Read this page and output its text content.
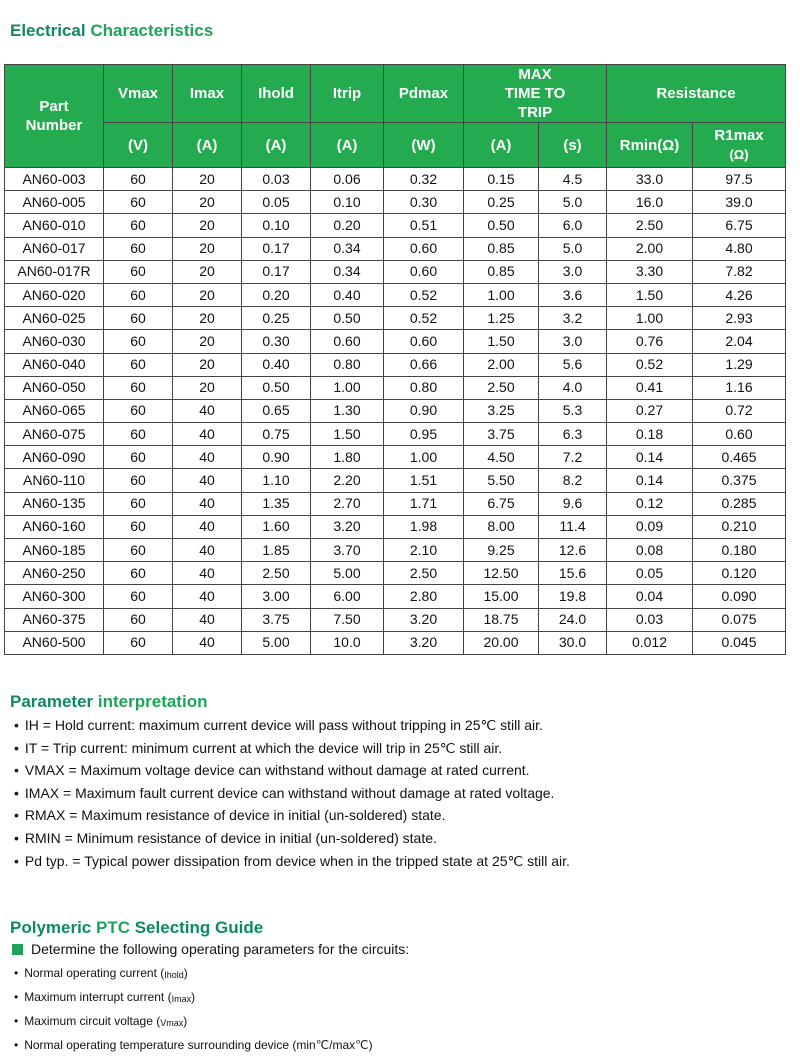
Electrical Characteristics
Part Number	Vmax	Imax	Ihold	Itrip	Pdmax	MAX TIME TO TRIP		Resistance	
	(V)	(A)	(A)	(A)	(W)	(A)	(s)	Rmin(Ω)	R1max
(Ω)

AN60-003	60	20	0.03	0.06	0.32	0.15	4.5	33.0	97.5
AN60-005	60	20	0.05	0.10	0.30	0.25	5.0	16.0	39.0
AN60-010	60	20	0.10	0.20	0.51	0.50	6.0	2.50	6.75
AN60-017	60	20	0.17	0.34	0.60	0.85	5.0	2.00	4.80
AN60-017R	60	20	0.17	0.34	0.60	0.85	3.0	3.30	7.82
AN60-020	60	20	0.20	0.40	0.52	1.00	3.6	1.50	4.26
AN60-025	60	20	0.25	0.50	0.52	1.25	3.2	1.00	2.93
AN60-030	60	20	0.30	0.60	0.60	1.50	3.0	0.76	2.04
AN60-040	60	20	0.40	0.80	0.66	2.00	5.6	0.52	1.29
AN60-050	60	20	0.50	1.00	0.80	2.50	4.0	0.41	1.16
AN60-065	60	40	0.65	1.30	0.90	3.25	5.3	0.27	0.72
AN60-075	60	40	0.75	1.50	0.95	3.75	6.3	0.18	0.60
AN60-090	60	40	0.90	1.80	1.00	4.50	7.2	0.14	0.465
AN60-110	60	40	1.10	2.20	1.51	5.50	8.2	0.14	0.375
AN60-135	60	40	1.35	2.70	1.71	6.75	9.6	0.12	0.285
AN60-160	60	40	1.60	3.20	1.98	8.00	11.4	0.09	0.210
AN60-185	60	40	1.85	3.70	2.10	9.25	12.6	0.08	0.180
AN60-250	60	40	2.50	5.00	2.50	12.50	15.6	0.05	0.120
AN60-300	60	40	3.00	6.00	2.80	15.00	19.8	0.04	0.090
AN60-375	60	40	3.75	7.50	3.20	18.75	24.0	0.03	0.075
AN60-500	60	40	5.00	10.0	3.20	20.00	30.0	0.012	0.045
Parameter interpretation
• IH = Hold current: maximum current device will pass without tripping in 25℃ still air.
• IT = Trip current: minimum current at which the device will trip in 25℃ still air.
• VMAX = Maximum voltage device can withstand without damage at rated current.
• IMAX = Maximum fault current device can withstand without damage at rated voltage.
• RMAX = Maximum resistance of device in initial (un-soldered) state.
• RMIN = Minimum resistance of device in initial (un-soldered) state.
• Pd typ. = Typical power dissipation from device when in the tripped state at 25℃ still air.
Polymeric PTC Selecting Guide
Determine the following operating parameters for the circuits:
• Normal operating current $(_{Ihold})$
• Maximum interrupt current $(_{Imax})$
• Maximum circuit voltage $(_{Vmax})$
• Normal operating temperature surrounding device (min℃/max℃)
